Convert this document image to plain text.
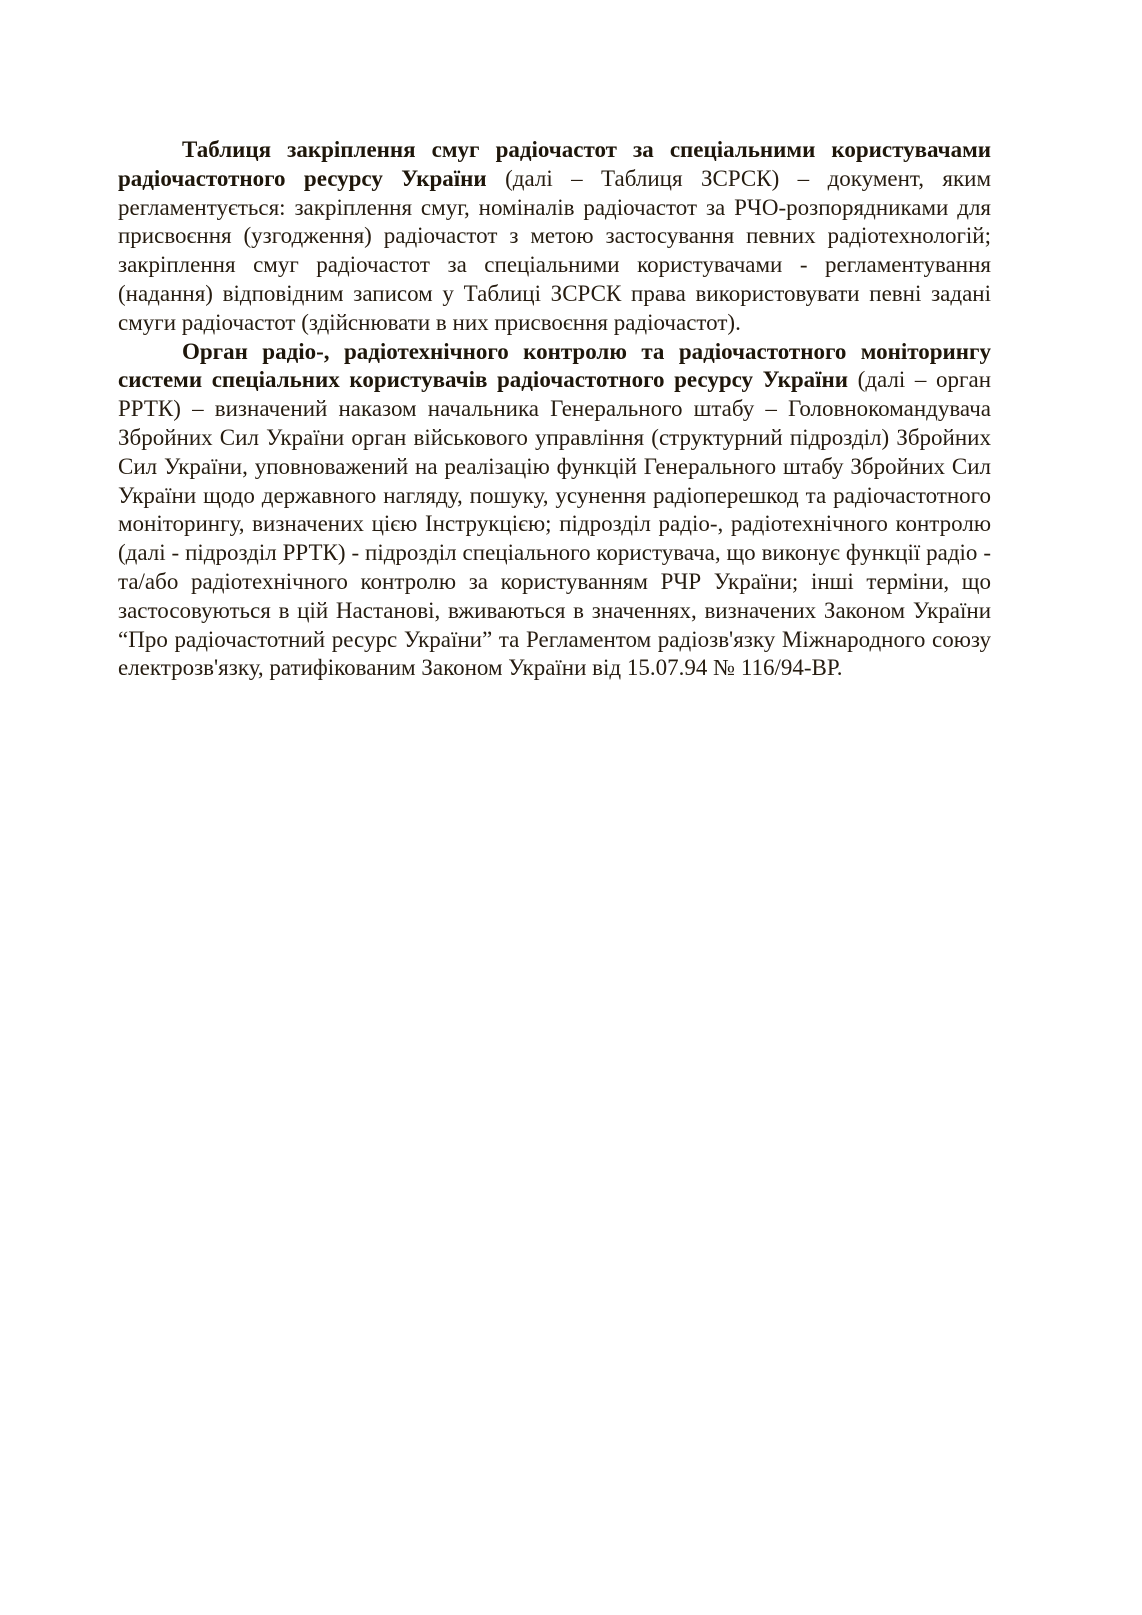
Таблиця закріплення смуг радіочастот за спеціальними користувачами радіочастотного ресурсу України (далі – Таблиця ЗСРСК) – документ, яким регламентується: закріплення смуг, номіналів радіочастот за РЧО-розпорядниками для присвоєння (узгодження) радіочастот з метою застосування певних радіотехнологій; закріплення смуг радіочастот за спеціальними користувачами - регламентування (надання) відповідним записом у Таблиці ЗСРСК права використовувати певні задані смуги радіочастот (здійснювати в них присвоєння радіочастот).

Орган радіо-, радіотехнічного контролю та радіочастотного моніторингу системи спеціальних користувачів радіочастотного ресурсу України (далі – орган РРТК) – визначений наказом начальника Генерального штабу – Головнокомандувача Збройних Сил України орган військового управління (структурний підрозділ) Збройних Сил України, уповноважений на реалізацію функцій Генерального штабу Збройних Сил України щодо державного нагляду, пошуку, усунення радіоперешкод та радіочастотного моніторингу, визначених цією Інструкцією; підрозділ радіо-, радіотехнічного контролю (далі - підрозділ РРТК) - підрозділ спеціального користувача, що виконує функції радіо - та/або радіотехнічного контролю за користуванням РЧР України; інші терміни, що застосовуються в цій Настанові, вживаються в значеннях, визначених Законом України “Про радіочастотний ресурс України” та Регламентом радіозв'язку Міжнародного союзу електрозв'язку, ратифікованим Законом України від 15.07.94 № 116/94-ВР.
